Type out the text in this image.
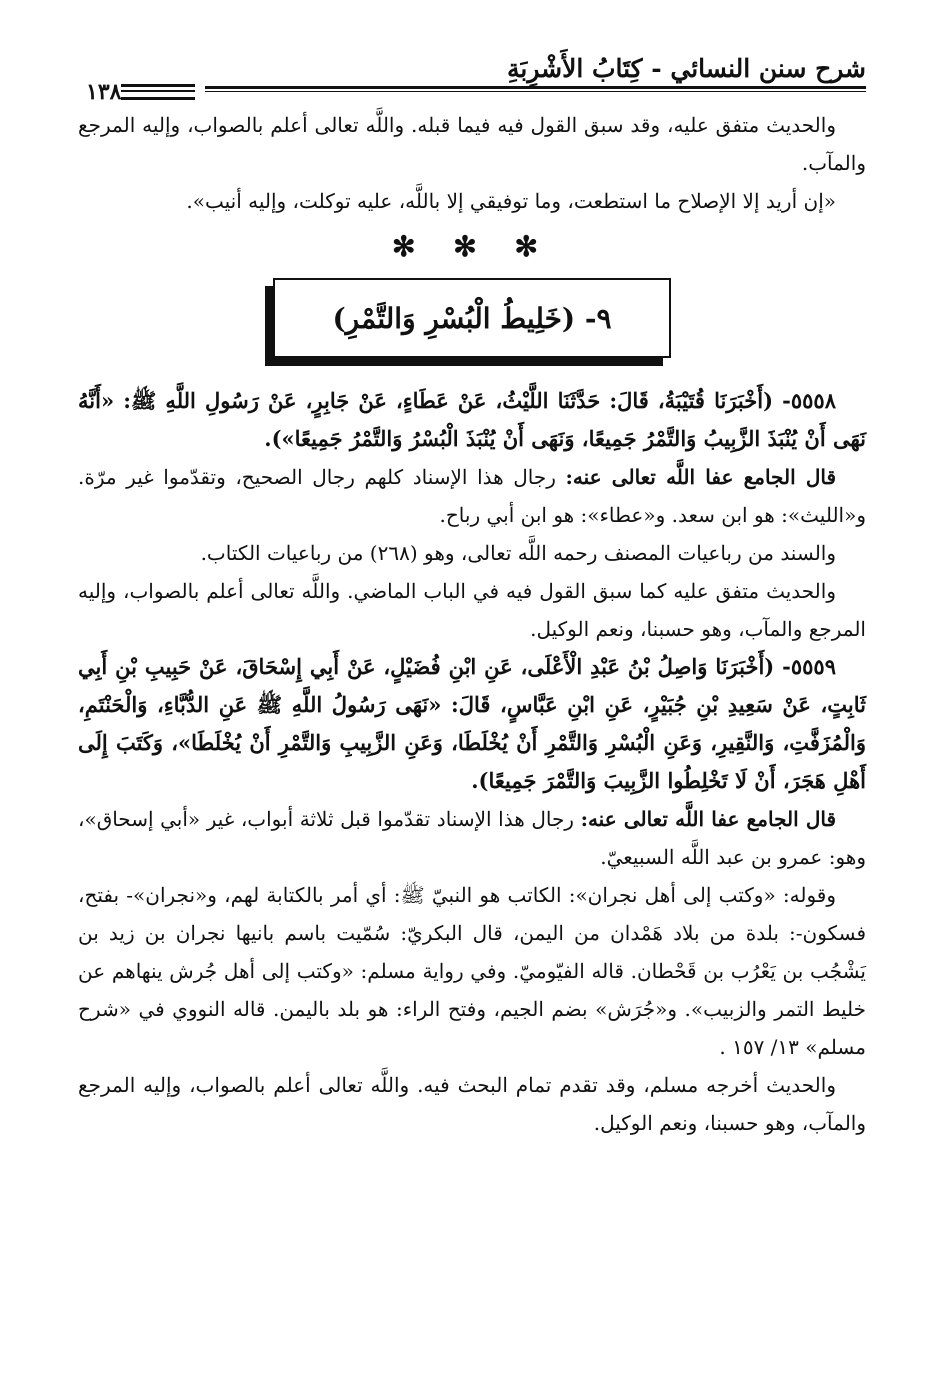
شرح سنن النسائي - كِتَابُ الأَشْرِبَةِ
١٣٨

والحديث متفق عليه، وقد سبق القول فيه فيما قبله. واللَّه تعالى أعلم بالصواب، وإليه المرجع والمآب.

«إن أريد إلا الإصلاح ما استطعت، وما توفيقي إلا باللَّه، عليه توكلت، وإليه أنيب».

✻ ✻ ✻
٩- (خَلِيطُ الْبُسْرِ وَالتَّمْرِ)

٥٥٥٨- (أَخْبَرَنَا قُتَيْبَةُ، قَالَ: حَدَّثَنَا اللَّيْثُ، عَنْ عَطَاءٍ، عَنْ جَابِرٍ، عَنْ رَسُولِ اللَّهِ ﷺ: «أَنَّهُ نَهَى أَنْ يُنْبَذَ الزَّبِيبُ وَالتَّمْرُ جَمِيعًا، وَنَهَى أَنْ يُنْبَذَ الْبُسْرُ وَالتَّمْرُ جَمِيعًا»).

قال الجامع عفا اللَّه تعالى عنه: رجال هذا الإسناد كلهم رجال الصحيح، وتقدّموا غير مرّة. و«الليث»: هو ابن سعد. و«عطاء»: هو ابن أبي رباح.

والسند من رباعيات المصنف رحمه اللَّه تعالى، وهو (٢٦٨) من رباعيات الكتاب.

والحديث متفق عليه كما سبق القول فيه في الباب الماضي. واللَّه تعالى أعلم بالصواب، وإليه المرجع والمآب، وهو حسبنا، ونعم الوكيل.

٥٥٥٩- (أَخْبَرَنَا وَاصِلُ بْنُ عَبْدِ الْأَعْلَى، عَنِ ابْنِ فُضَيْلٍ، عَنْ أَبِي إِسْحَاقَ، عَنْ حَبِيبِ بْنِ أَبِي ثَابِتٍ، عَنْ سَعِيدِ بْنِ جُبَيْرٍ، عَنِ ابْنِ عَبَّاسٍ، قَالَ: «نَهَى رَسُولُ اللَّهِ ﷺ عَنِ الدُّبَّاءِ، وَالْحَنْتَمِ، وَالْمُزَفَّتِ، وَالنَّقِيرِ، وَعَنِ الْبُسْرِ وَالتَّمْرِ أَنْ يُخْلَطَا، وَعَنِ الزَّبِيبِ وَالتَّمْرِ أَنْ يُخْلَطَا»، وَكَتَبَ إِلَى أَهْلِ هَجَرَ، أَنْ لَا تَخْلِطُوا الزَّبِيبَ وَالتَّمْرَ جَمِيعًا).

قال الجامع عفا اللَّه تعالى عنه: رجال هذا الإسناد تقدّموا قبل ثلاثة أبواب، غير «أبي إسحاق»، وهو: عمرو بن عبد اللَّه السبيعيّ.

وقوله: «وكتب إلى أهل نجران»: الكاتب هو النبيّ ﷺ: أي أمر بالكتابة لهم، و«نجران»- بفتح، فسكون-: بلدة من بلاد هَمْدان من اليمن، قال البكريّ: سُمّيت باسم بانيها نجران بن زيد بن يَشْجُب بن يَعْرُب بن قَحْطان. قاله الفيّوميّ. وفي رواية مسلم: «وكتب إلى أهل جُرش ينهاهم عن خليط التمر والزبيب». و«جُرَش» بضم الجيم، وفتح الراء: هو بلد باليمن. قاله النووي في «شرح مسلم» ١٣/ ١٥٧ .

والحديث أخرجه مسلم، وقد تقدم تمام البحث فيه. واللَّه تعالى أعلم بالصواب، وإليه المرجع والمآب، وهو حسبنا، ونعم الوكيل.
